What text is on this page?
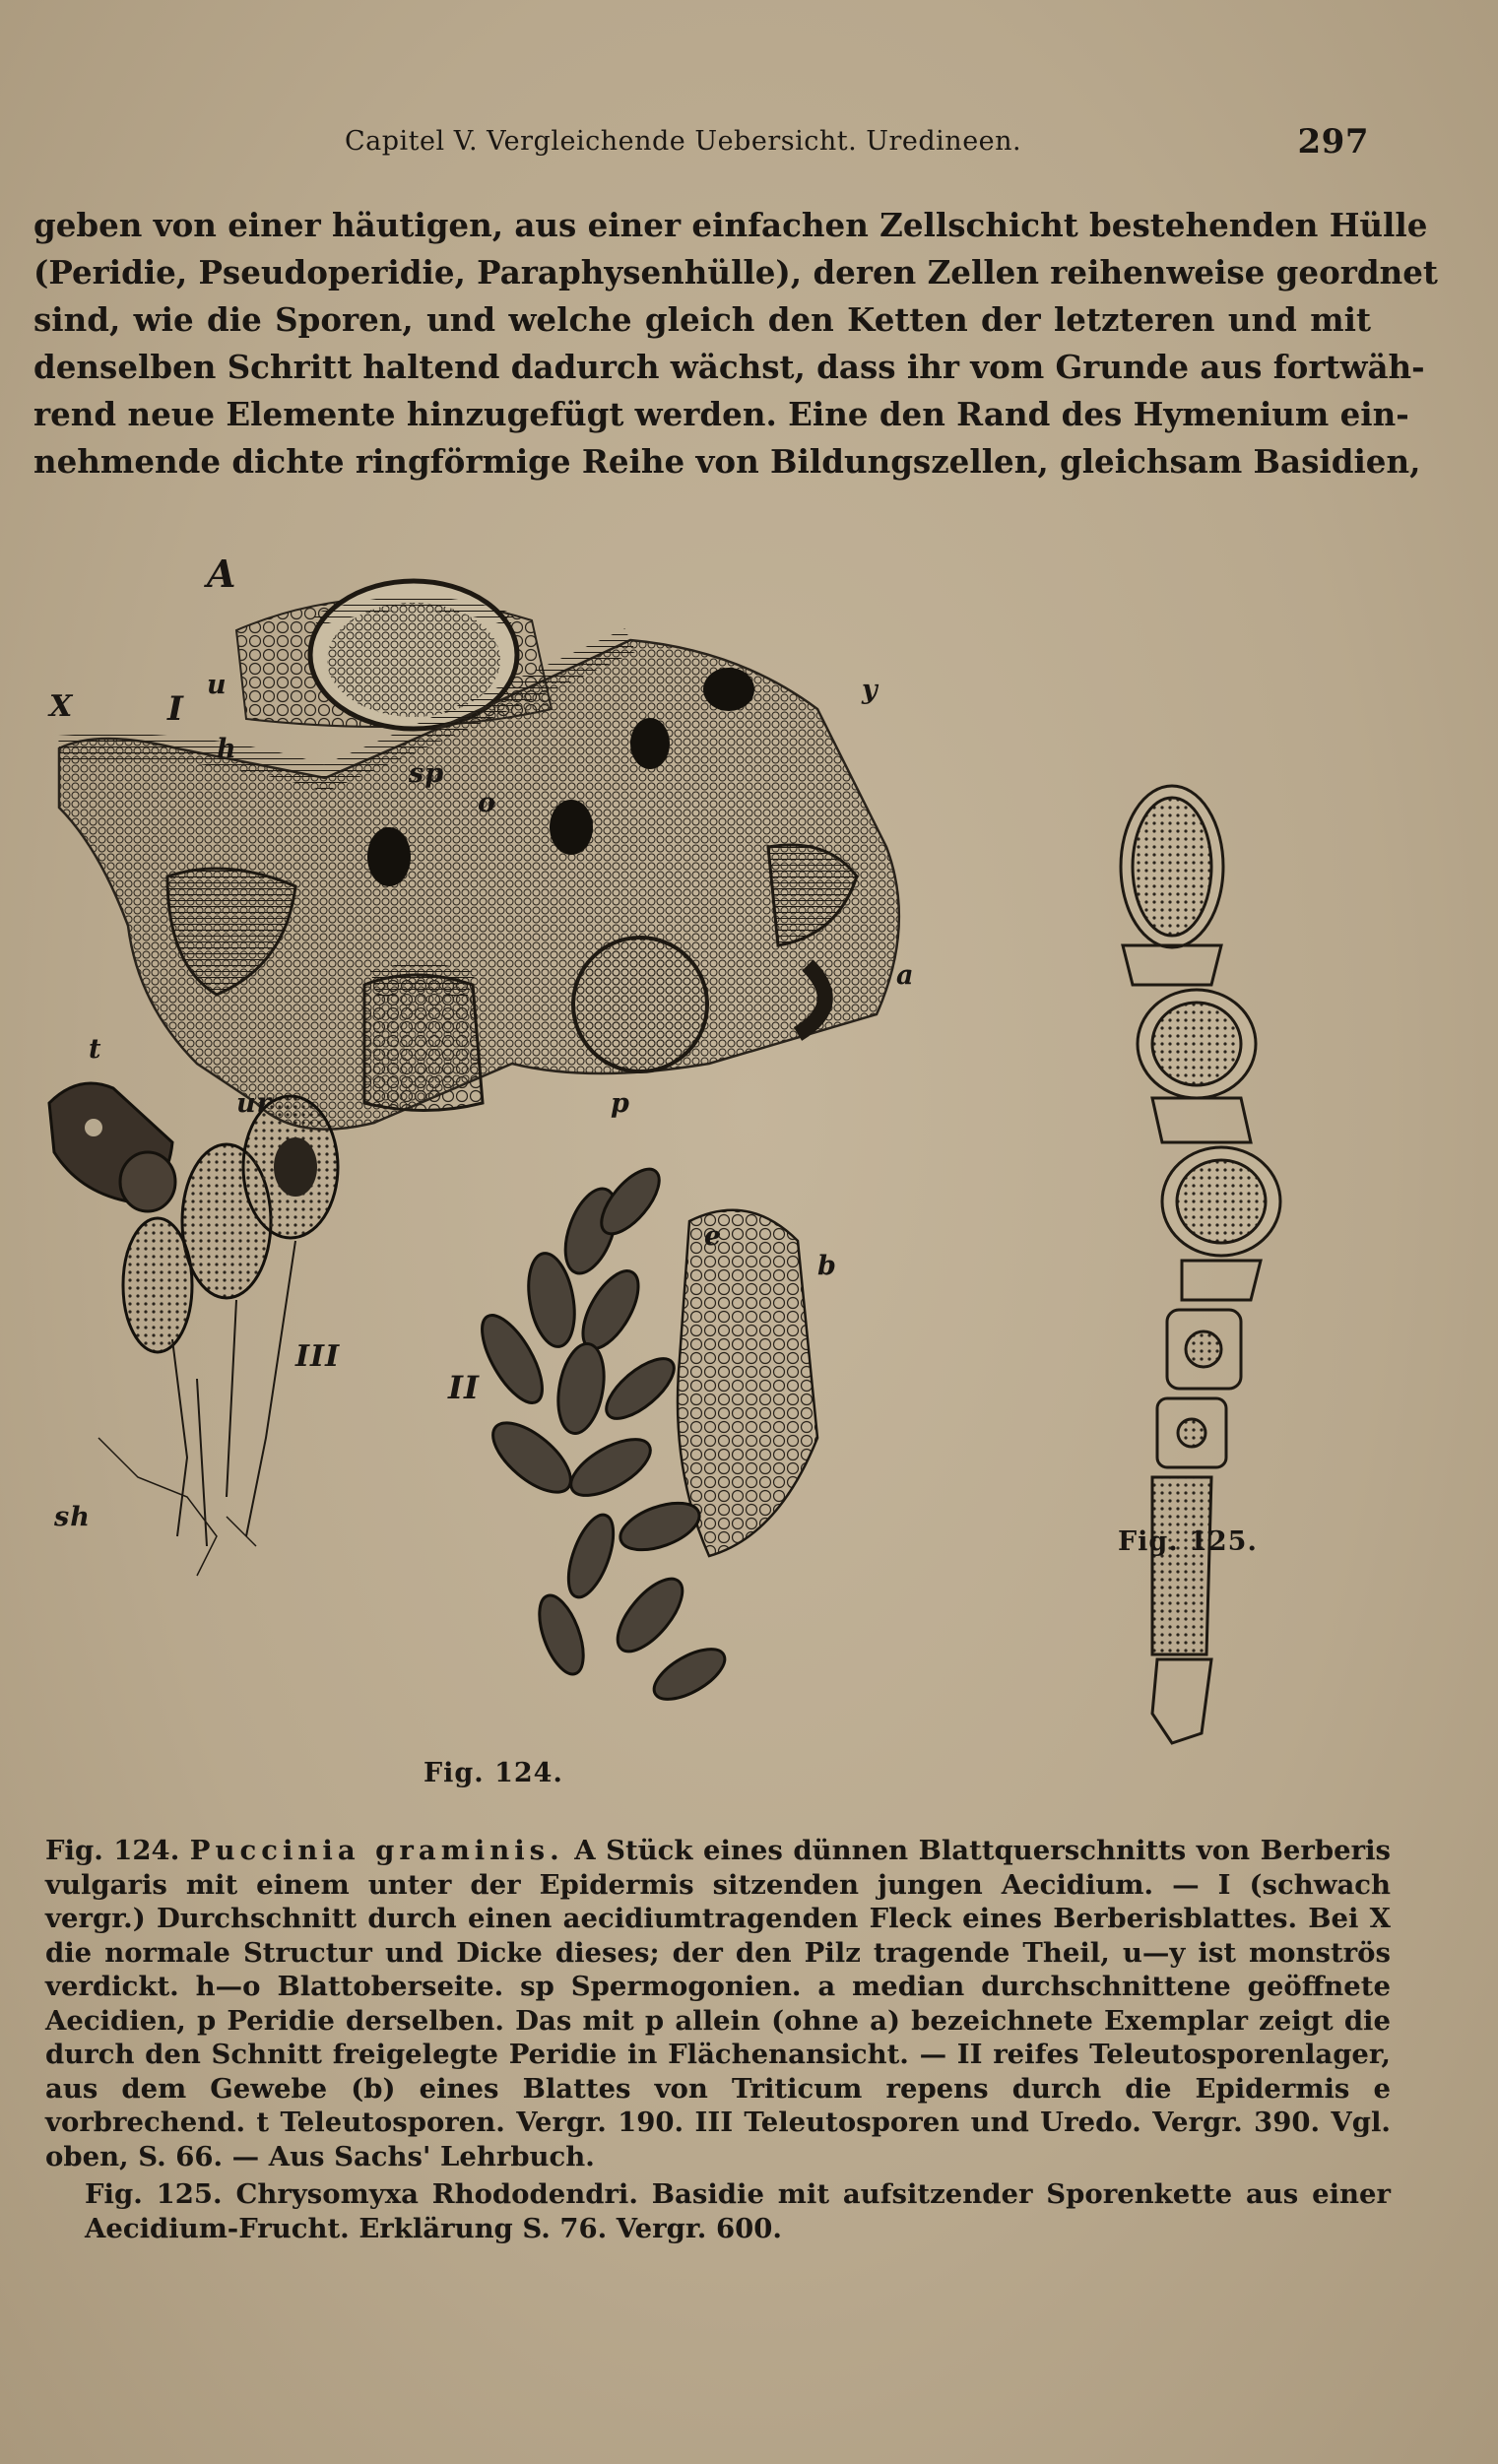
Capitel V. Vergleichende Uebersicht. Uredineen.	297
geben von einer häutigen, aus einer einfachen Zellschicht bestehenden Hülle
(Peridie, Pseudoperidie, Paraphysenhülle), deren Zellen reihenweise geordnet
sind, wie die Sporen, und welche gleich den Ketten der letzteren und mit
denselben Schritt haltend dadurch wächst, dass ihr vom Grunde aus fortwäh-
rend neue Elemente hinzugefügt werden. Eine den Rand des Hymenium ein-
nehmende dichte ringförmige Reihe von Bildungszellen, gleichsam Basidien,
A
I
X
u
h
sp
y
o
a
p
t
ur
III
II
e
b
sh
Fig. 124.
Fig. 125.

Fig. 124. Puccinia graminis. A Stück eines dünnen Blattquerschnitts von Berberis vulgaris mit einem unter der Epidermis sitzenden jungen Aecidium. — I (schwach vergr.) Durchschnitt durch einen aecidiumtragenden Fleck eines Berberisblattes. Bei X die normale Structur und Dicke dieses; der den Pilz tragende Theil, u—y ist monströs verdickt. h—o Blattoberseite. sp Spermogonien. a median durchschnittene geöffnete Aecidien, p Peridie derselben. Das mit p allein (ohne a) bezeichnete Exemplar zeigt die durch den Schnitt freigelegte Peridie in Flächenansicht. — II reifes Teleutosporenlager, aus dem Gewebe (b) eines Blattes von Triticum repens durch die Epidermis e vorbrechend. t Teleutosporen. Vergr. 190. III Teleutosporen und Uredo. Vergr. 390. Vgl. oben, S. 66. — Aus Sachs' Lehrbuch.

Fig. 125. Chrysomyxa Rhododendri. Basidie mit aufsitzender Sporenkette aus einer Aecidium-Frucht. Erklärung S. 76. Vergr. 600.
